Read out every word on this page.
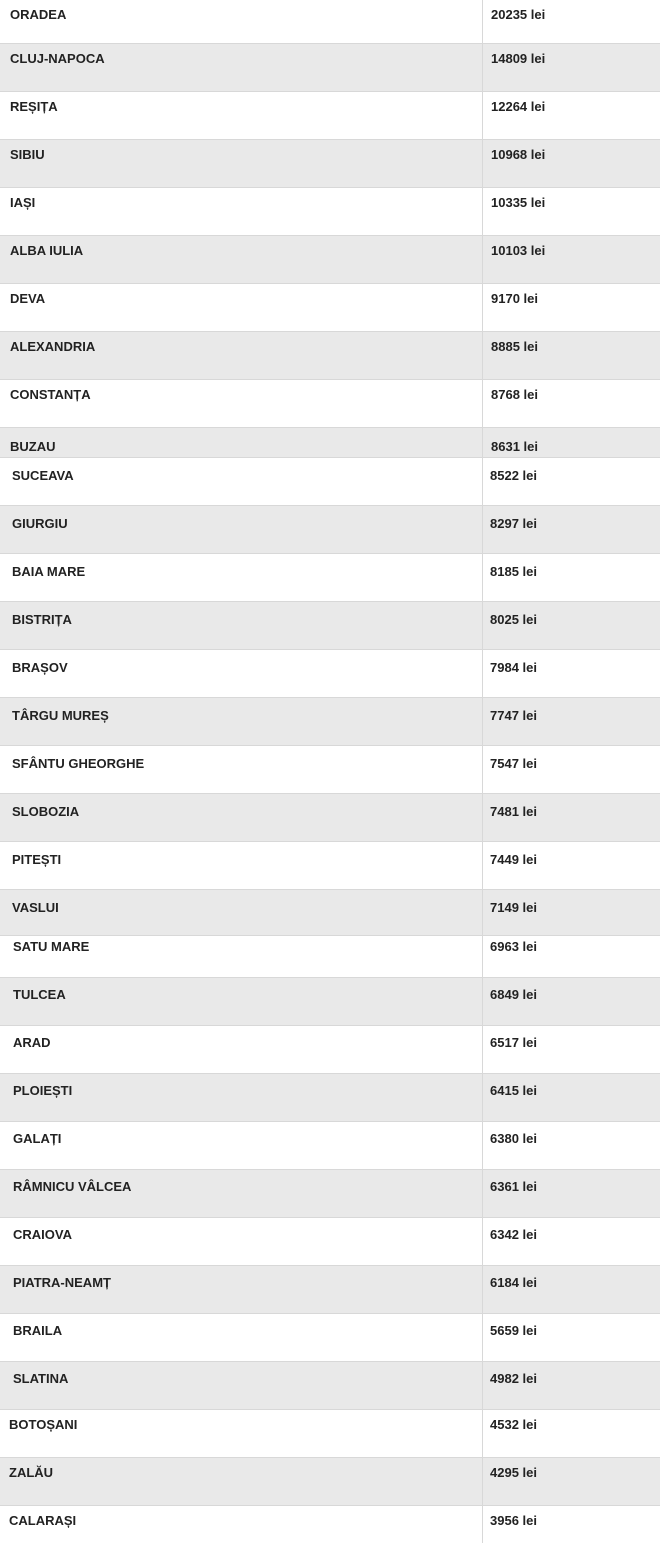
ORADEA	20235 lei
CLUJ-NAPOCA	14809 lei
REȘIȚA	12264 lei
SIBIU	10968 lei
IAȘI	10335 lei
ALBA IULIA	10103 lei
DEVA	9170 lei
ALEXANDRIA	8885 lei
CONSTANȚA	8768 lei
BUZAU	8631 lei
SUCEAVA	8522 lei
GIURGIU	8297 lei
BAIA MARE	8185 lei
BISTRIȚA	8025 lei
BRAȘOV	7984 lei
TÂRGU MUREȘ	7747 lei
SFÂNTU GHEORGHE	7547 lei
SLOBOZIA	7481 lei
PITEȘTI	7449 lei
VASLUI	7149 lei
SATU MARE	6963 lei
TULCEA	6849 lei
ARAD	6517 lei
PLOIEȘTI	6415 lei
GALAȚI	6380 lei
RÂMNICU VÂLCEA	6361 lei
CRAIOVA	6342 lei
PIATRA-NEAMȚ	6184 lei
BRAILA	5659 lei
SLATINA	4982 lei
BOTOȘANI	4532 lei
ZALĂU	4295 lei
CALARAȘI	3956 lei
